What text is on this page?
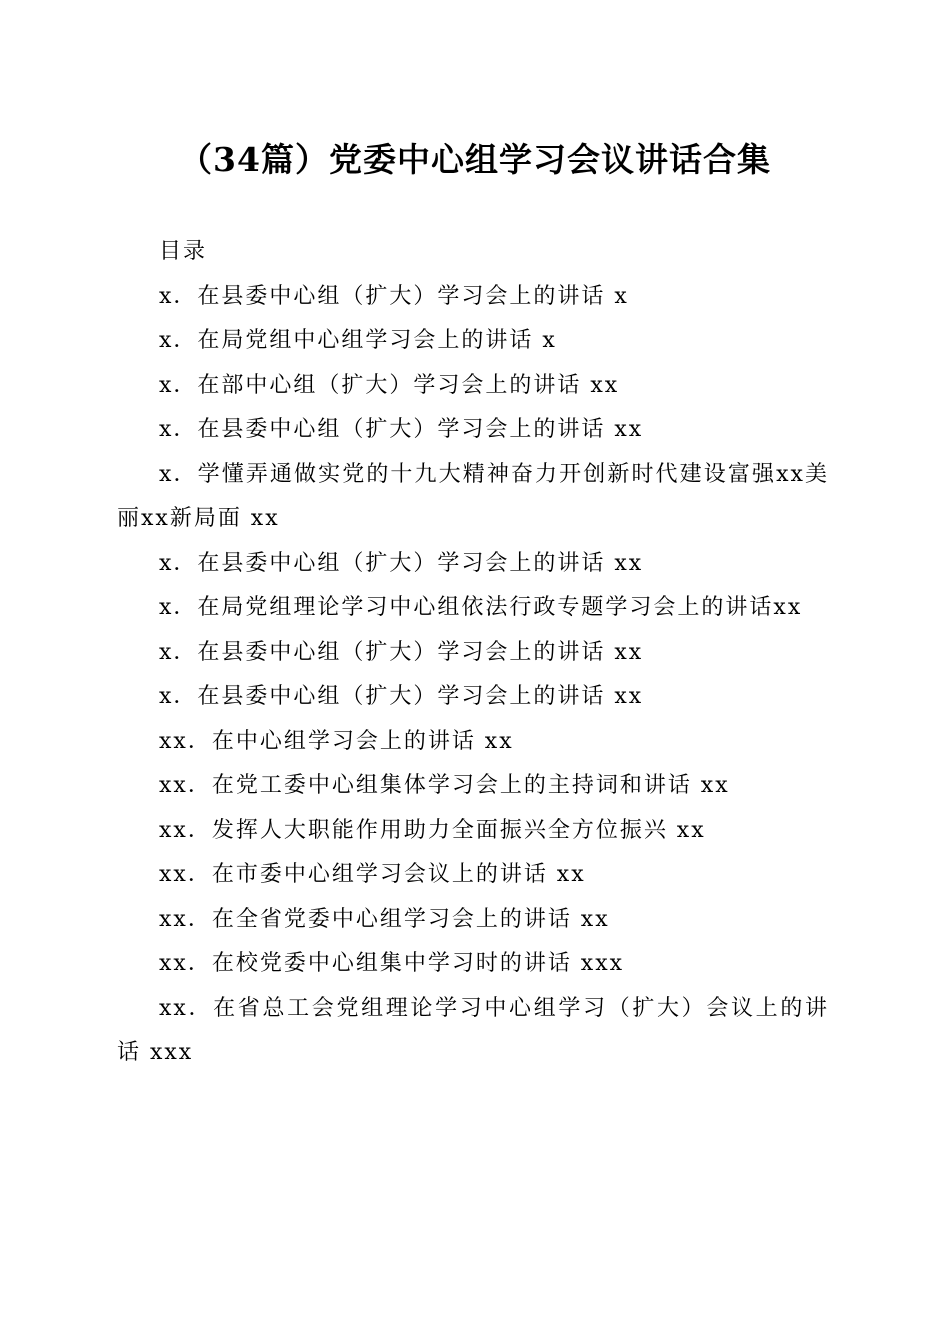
（34篇）党委中心组学习会议讲话合集

目录

x．在县委中心组（扩大）学习会上的讲话 x

x．在局党组中心组学习会上的讲话 x

x．在部中心组（扩大）学习会上的讲话 xx

x．在县委中心组（扩大）学习会上的讲话 xx

x．学懂弄通做实党的十九大精神奋力开创新时代建设富强xx美丽xx新局面 xx

x．在县委中心组（扩大）学习会上的讲话 xx

x．在局党组理论学习中心组依法行政专题学习会上的讲话xx

x．在县委中心组（扩大）学习会上的讲话 xx

x．在县委中心组（扩大）学习会上的讲话 xx

xx．在中心组学习会上的讲话 xx

xx．在党工委中心组集体学习会上的主持词和讲话 xx

xx．发挥人大职能作用助力全面振兴全方位振兴 xx

xx．在市委中心组学习会议上的讲话 xx

xx．在全省党委中心组学习会上的讲话 xx

xx．在校党委中心组集中学习时的讲话 xxx

xx．在省总工会党组理论学习中心组学习（扩大）会议上的讲话 xxx
